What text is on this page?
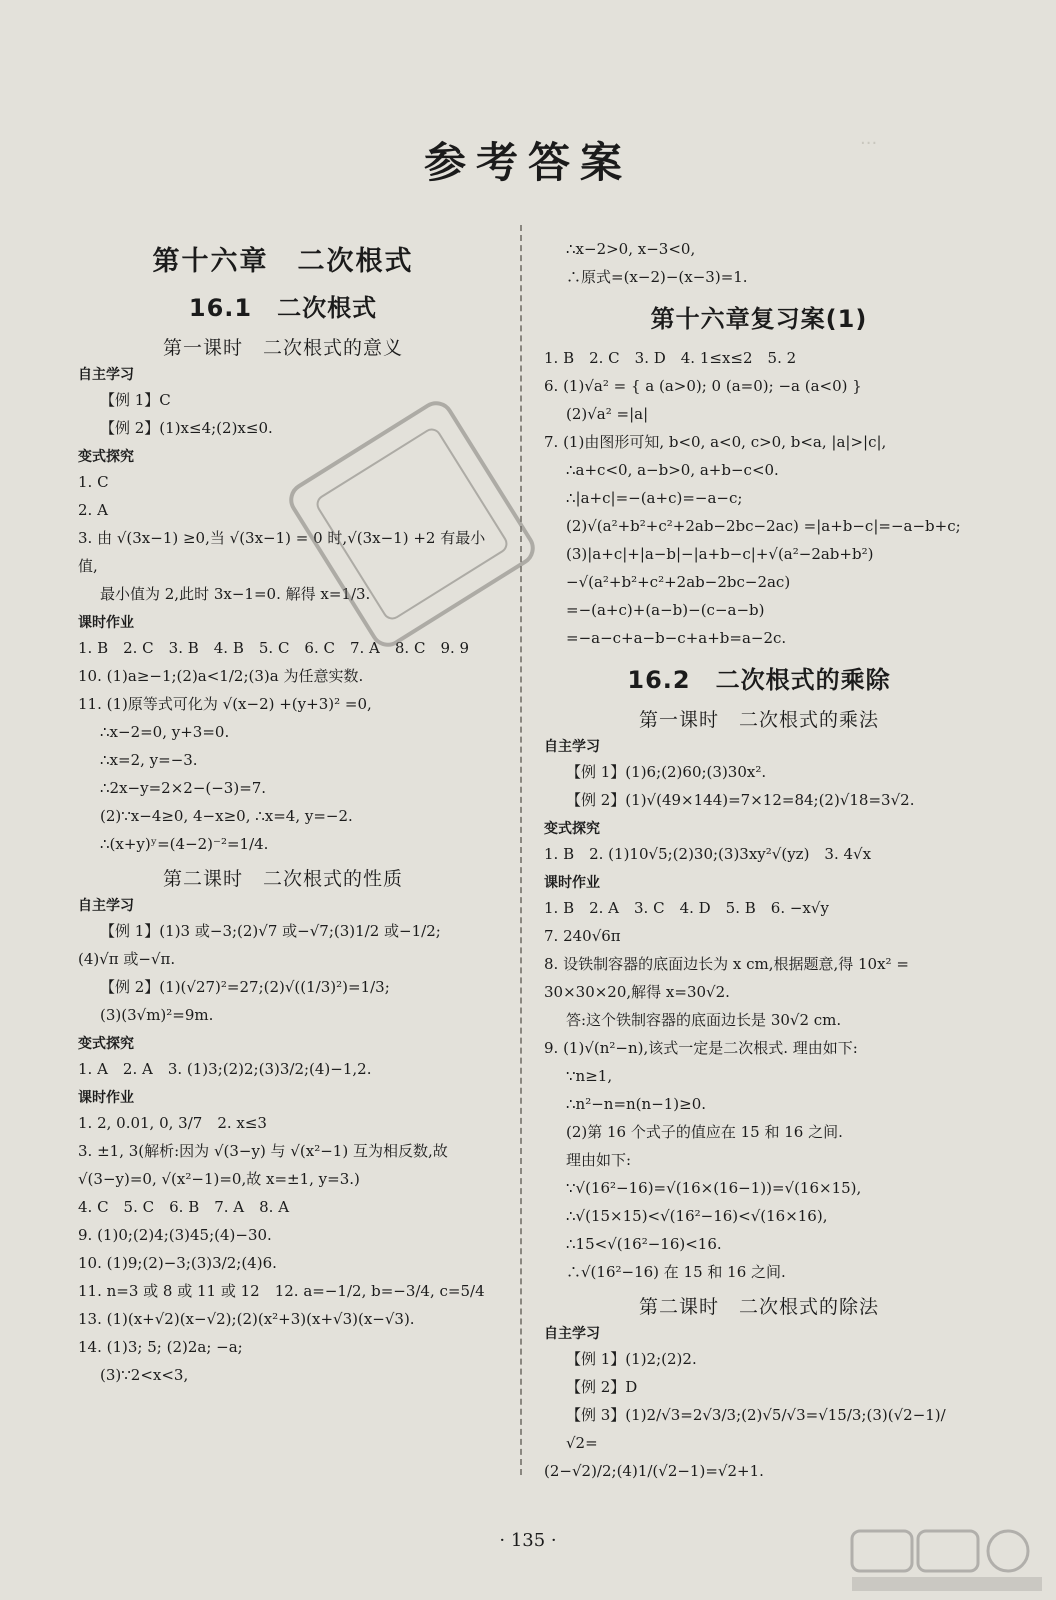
...
参考答案
第十六章　二次根式
16.1　二次根式
第一课时　二次根式的意义
自主学习
【例 1】C
【例 2】(1)x≤4;(2)x≤0.
变式探究
1. C
2. A
3. 由 √(3x−1) ≥0,当 √(3x−1) = 0 时,√(3x−1) +2 有最小值,
最小值为 2,此时 3x−1=0. 解得 x=1/3.
课时作业
1. B　2. C　3. B　4. B　5. C　6. C　7. A　8. C　9. 9
10. (1)a≥−1;(2)a<1/2;(3)a 为任意实数.
11. (1)原等式可化为 √(x−2) +(y+3)² =0,
∴x−2=0, y+3=0.
∴x=2, y=−3.
∴2x−y=2×2−(−3)=7.
(2)∵x−4≥0, 4−x≥0, ∴x=4, y=−2.
∴(x+y)ʸ=(4−2)⁻²=1/4.
第二课时　二次根式的性质
自主学习
【例 1】(1)3 或−3;(2)√7 或−√7;(3)1/2 或−1/2;
(4)√π 或−√π.
【例 2】(1)(√27)²=27;(2)√((1/3)²)=1/3;
(3)(3√m)²=9m.
变式探究
1. A　2. A　3. (1)3;(2)2;(3)3/2;(4)−1,2.
课时作业
1. 2, 0.01, 0, 3/7　2. x≤3
3. ±1, 3(解析:因为 √(3−y) 与 √(x²−1) 互为相反数,故 √(3−y)=0, √(x²−1)=0,故 x=±1, y=3.)
4. C　5. C　6. B　7. A　8. A
9. (1)0;(2)4;(3)45;(4)−30.
10. (1)9;(2)−3;(3)3/2;(4)6.
11. n=3 或 8 或 11 或 12　12. a=−1/2, b=−3/4, c=5/4
13. (1)(x+√2)(x−√2);(2)(x²+3)(x+√3)(x−√3).
14. (1)3; 5; (2)2a; −a;
(3)∵2<x<3,
∴x−2>0, x−3<0,
∴原式=(x−2)−(x−3)=1.
第十六章复习案(1)
1. B　2. C　3. D　4. 1≤x≤2　5. 2
6. (1)√a² = { a (a>0); 0 (a=0); −a (a<0) }
(2)√a² =|a|
7. (1)由图形可知, b<0, a<0, c>0, b<a, |a|>|c|,
∴a+c<0, a−b>0, a+b−c<0.
∴|a+c|=−(a+c)=−a−c;
(2)√(a²+b²+c²+2ab−2bc−2ac) =|a+b−c|=−a−b+c;
(3)|a+c|+|a−b|−|a+b−c|+√(a²−2ab+b²) −√(a²+b²+c²+2ab−2bc−2ac)
=−(a+c)+(a−b)−(c−a−b)
=−a−c+a−b−c+a+b=a−2c.
16.2　二次根式的乘除
第一课时　二次根式的乘法
自主学习
【例 1】(1)6;(2)60;(3)30x².
【例 2】(1)√(49×144)=7×12=84;(2)√18=3√2.
变式探究
1. B　2. (1)10√5;(2)30;(3)3xy²√(yz)　3. 4√x
课时作业
1. B　2. A　3. C　4. D　5. B　6. −x√y
7. 240√6π
8. 设铁制容器的底面边长为 x cm,根据题意,得 10x² = 30×30×20,解得 x=30√2.
答:这个铁制容器的底面边长是 30√2 cm.
9. (1)√(n²−n),该式一定是二次根式. 理由如下:
∵n≥1,
∴n²−n=n(n−1)≥0.
(2)第 16 个式子的值应在 15 和 16 之间.
理由如下:
∵√(16²−16)=√(16×(16−1))=√(16×15),
∴√(15×15)<√(16²−16)<√(16×16),
∴15<√(16²−16)<16.
∴√(16²−16) 在 15 和 16 之间.
第二课时　二次根式的除法
自主学习
【例 1】(1)2;(2)2.
【例 2】D
【例 3】(1)2/√3=2√3/3;(2)√5/√3=√15/3;(3)(√2−1)/√2=
(2−√2)/2;(4)1/(√2−1)=√2+1.
· 135 ·
